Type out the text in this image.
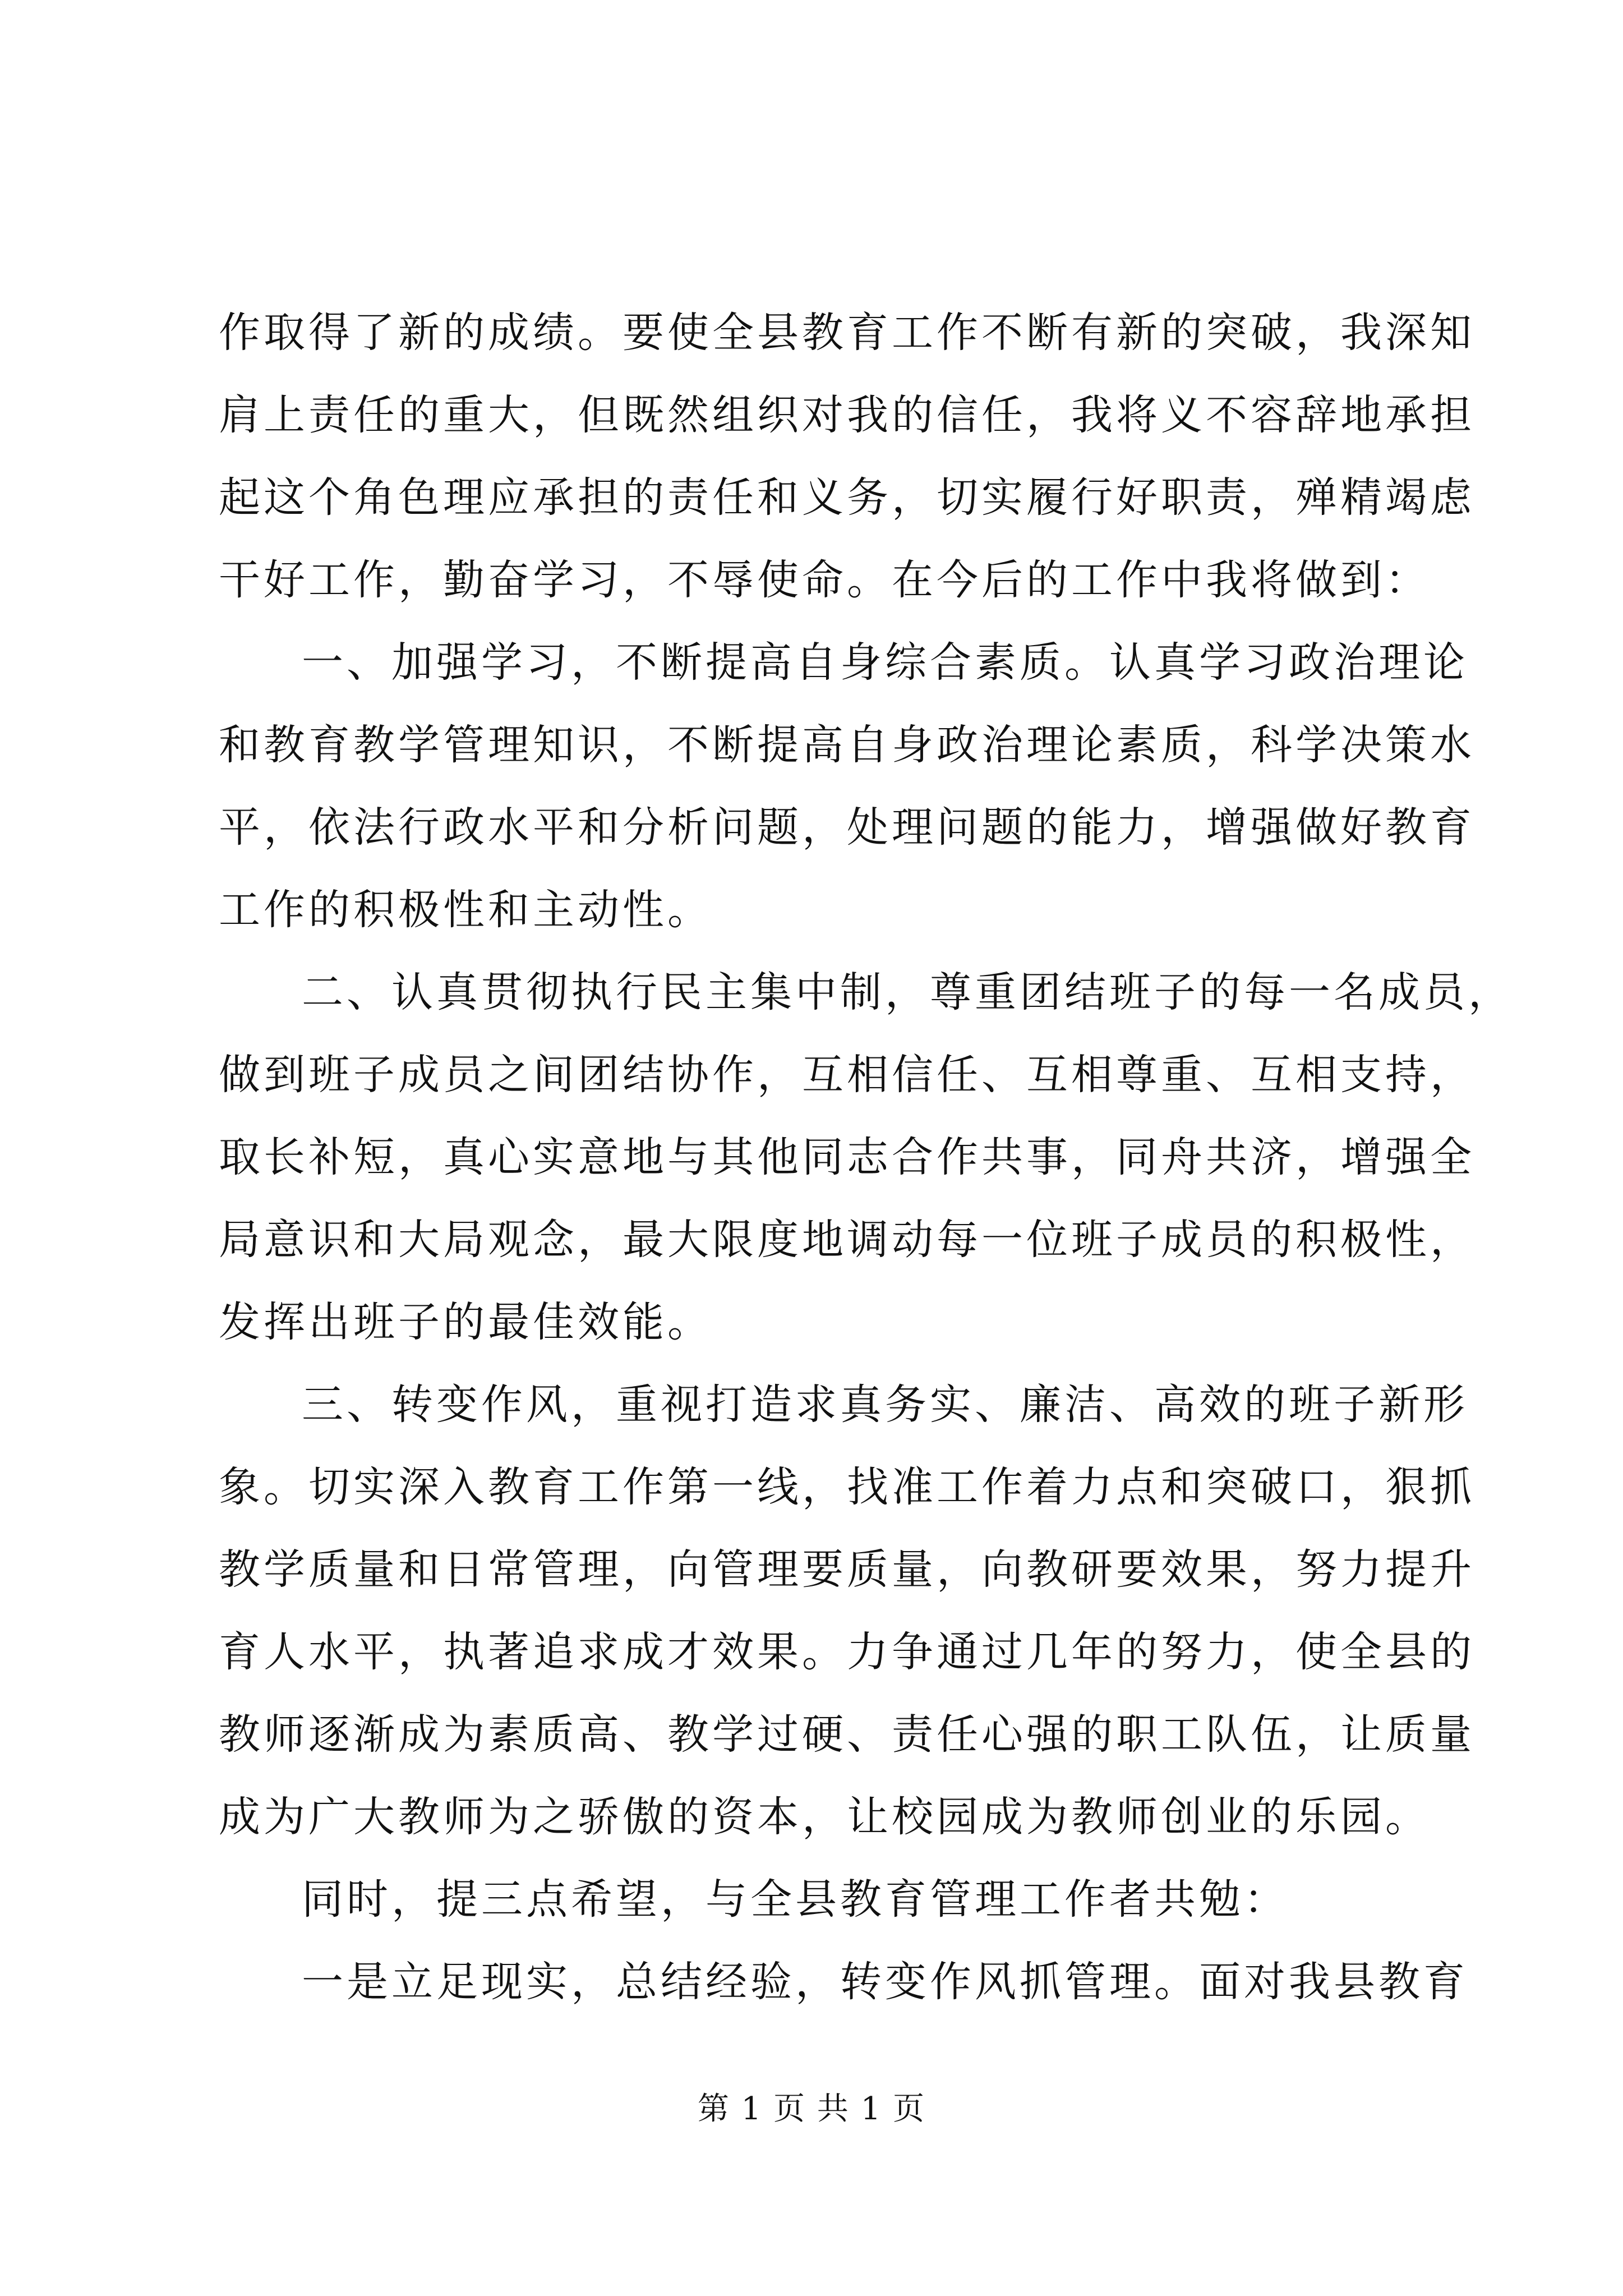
作取得了新的成绩。要使全县教育工作不断有新的突破，我深知
肩上责任的重大，但既然组织对我的信任，我将义不容辞地承担
起这个角色理应承担的责任和义务，切实履行好职责，殚精竭虑
干好工作，勤奋学习，不辱使命。在今后的工作中我将做到：
一、加强学习，不断提高自身综合素质。认真学习政治理论
和教育教学管理知识，不断提高自身政治理论素质，科学决策水
平，依法行政水平和分析问题，处理问题的能力，增强做好教育
工作的积极性和主动性。
二、认真贯彻执行民主集中制，尊重团结班子的每一名成员，
做到班子成员之间团结协作，互相信任、互相尊重、互相支持，
取长补短，真心实意地与其他同志合作共事，同舟共济，增强全
局意识和大局观念，最大限度地调动每一位班子成员的积极性，
发挥出班子的最佳效能。
三、转变作风，重视打造求真务实、廉洁、高效的班子新形
象。切实深入教育工作第一线，找准工作着力点和突破口，狠抓
教学质量和日常管理，向管理要质量，向教研要效果，努力提升
育人水平，执著追求成才效果。力争通过几年的努力，使全县的
教师逐渐成为素质高、教学过硬、责任心强的职工队伍，让质量
成为广大教师为之骄傲的资本，让校园成为教师创业的乐园。
同时，提三点希望，与全县教育管理工作者共勉：
一是立足现实，总结经验，转变作风抓管理。面对我县教育
第 1 页 共 1 页
